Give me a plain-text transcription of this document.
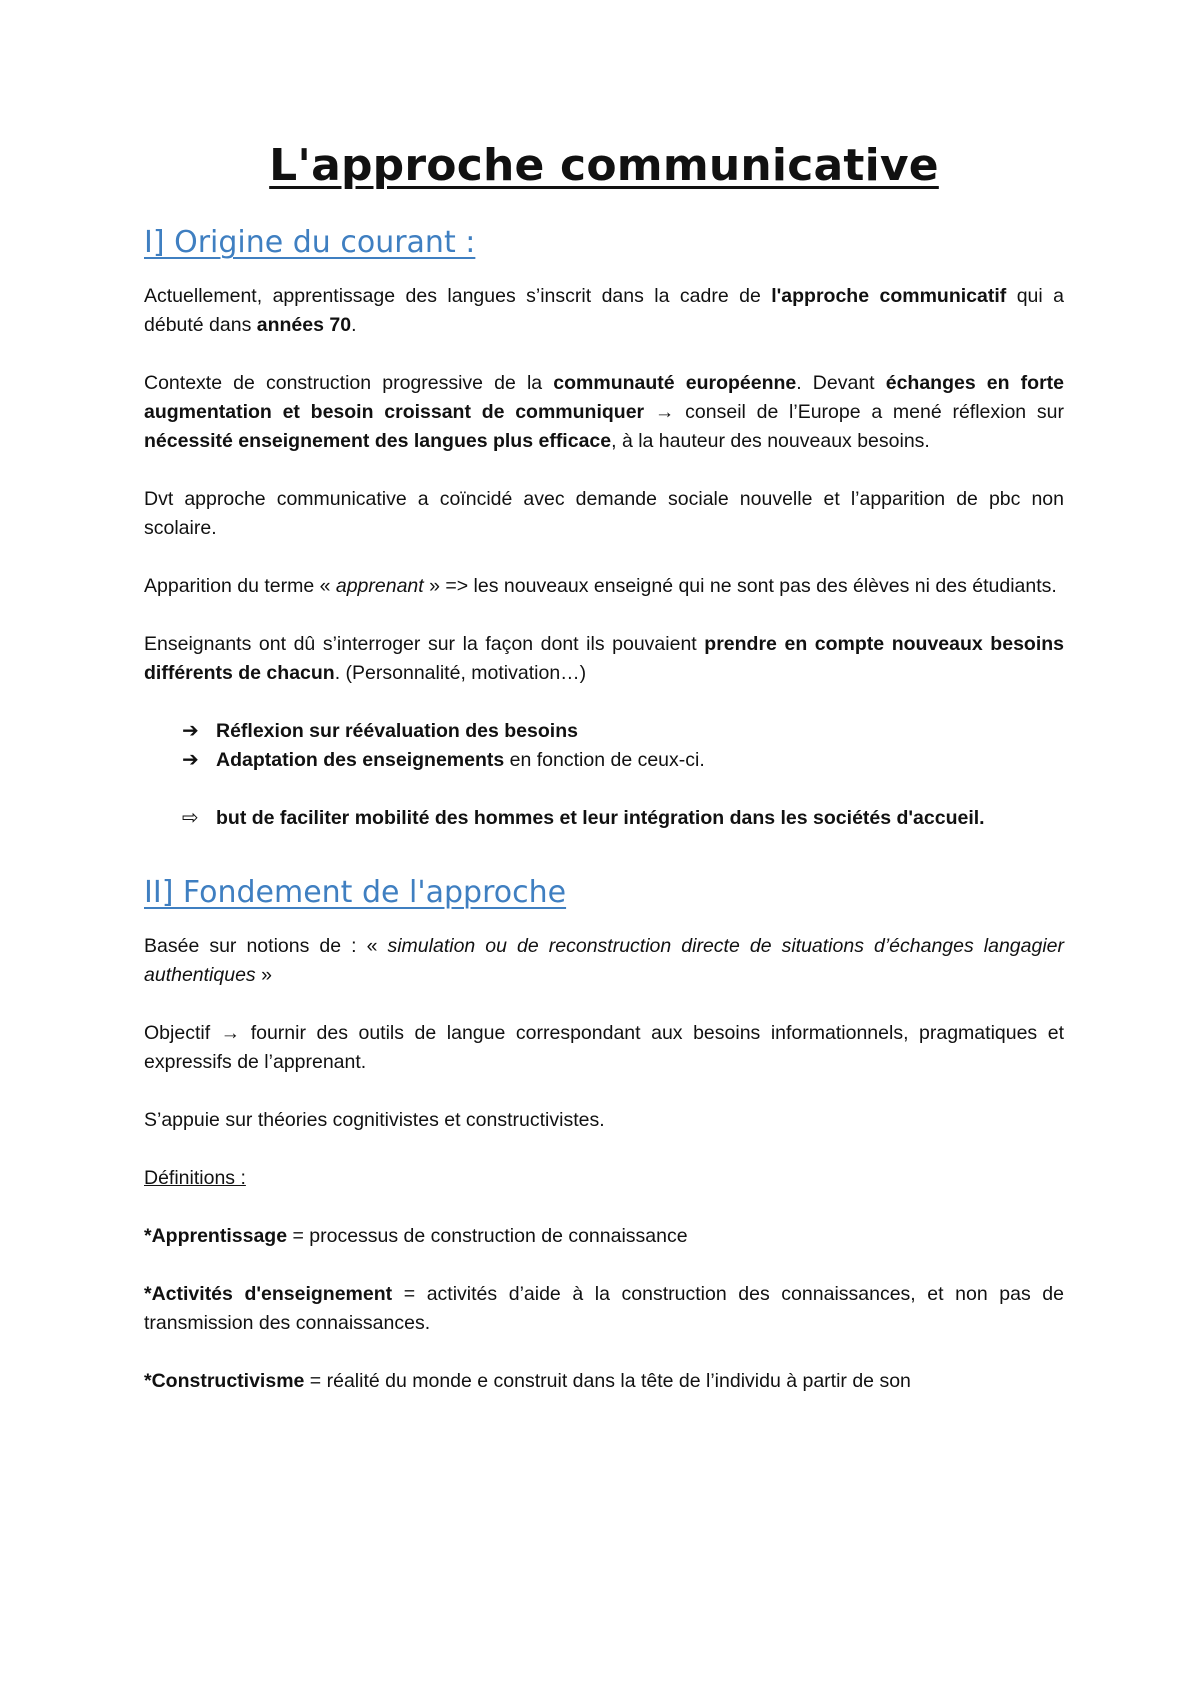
L'approche communicative
I] Origine du courant :

Actuellement, apprentissage des langues s’inscrit dans la cadre de l'approche communicatif qui a débuté dans années 70.

Contexte de construction progressive de la communauté européenne. Devant échanges en forte augmentation et besoin croissant de communiquer → conseil de l’Europe a mené réflexion sur nécessité enseignement des langues plus efficace, à la hauteur des nouveaux besoins.

Dvt approche communicative a coïncidé avec demande sociale nouvelle et l’apparition de pbc non scolaire.

Apparition du terme « apprenant » => les nouveaux enseigné qui ne sont pas des élèves ni des étudiants.

Enseignants ont dû s’interroger sur la façon dont ils pouvaient prendre en compte nouveaux besoins différents de chacun. (Personnalité, motivation…)

➔ Réflexion sur réévaluation des besoins
➔ Adaptation des enseignements en fonction de ceux-ci.
⇨ but de faciliter mobilité des hommes et leur intégration dans les sociétés d'accueil.
II] Fondement de l'approche

Basée sur notions de : « simulation ou de reconstruction directe de situations d’échanges langagier authentiques »

Objectif → fournir des outils de langue correspondant aux besoins informationnels, pragmatiques et expressifs de l’apprenant.

S’appuie sur théories cognitivistes et constructivistes.

Définitions :

*Apprentissage = processus de construction de connaissance

*Activités d'enseignement = activités d’aide à la construction des connaissances, et non pas de transmission des connaissances.

*Constructivisme = réalité du monde e construit dans la tête de l’individu à partir de son
